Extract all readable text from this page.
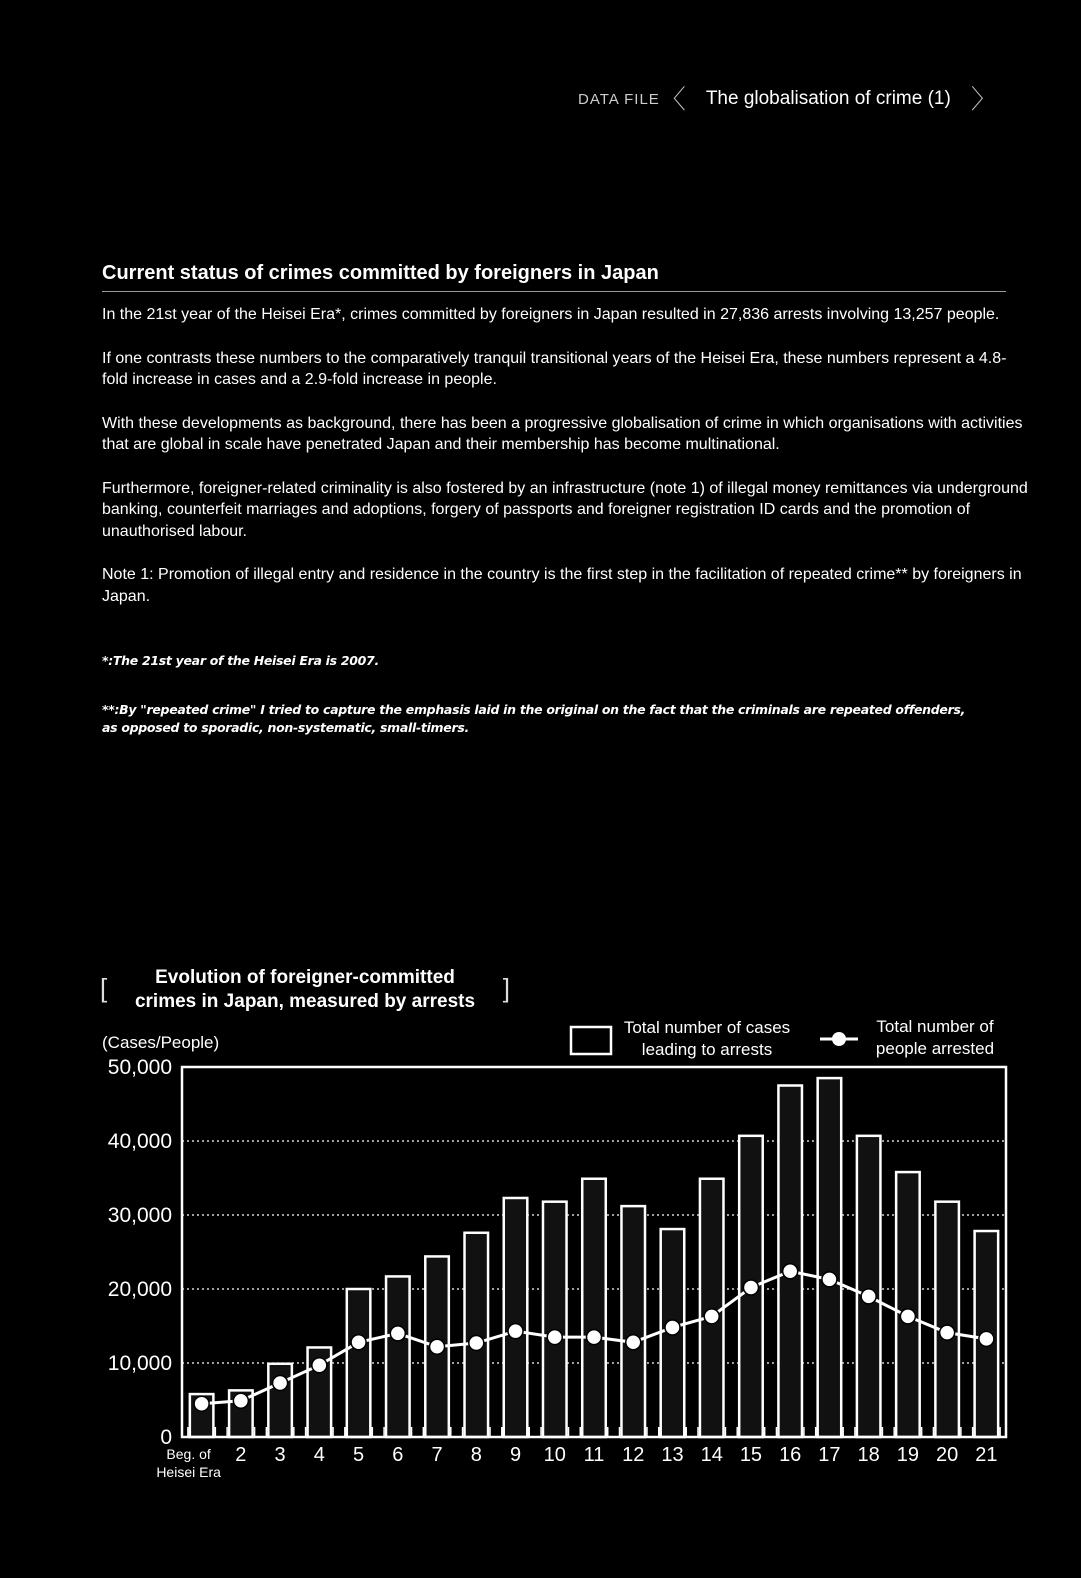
DATA FILE 〈 The globalisation of crime (1) 〉
Current status of crimes committed by foreigners in Japan

In the 21st year of the Heisei Era*, crimes committed by foreigners in Japan resulted in 27,836 arrests involving 13,257 people.

If one contrasts these numbers to the comparatively tranquil transitional years of the Heisei Era, these numbers represent a 4.8-fold increase in cases and a 2.9-fold increase in people.

With these developments as background, there has been a progressive globalisation of crime in which organisations with activities that are global in scale have penetrated Japan and their membership has become multinational.

Furthermore, foreigner-related criminality is also fostered by an infrastructure (note 1) of illegal money remittances via underground banking, counterfeit marriages and adoptions, forgery of passports and foreigner registration ID cards and the promotion of unauthorised labour.

Note 1: Promotion of illegal entry and residence in the country is the first step in the facilitation of repeated crime** by foreigners in Japan.

*:The 21st year of the Heisei Era is 2007.
**:By "repeated crime" I tried to capture the emphasis laid in the original on the fact that the criminals are repeated offenders,
as opposed to sporadic, non-systematic, small-timers.
[	Evolution of foreigner-committed
crimes in Japan, measured by arrests	]
(Cases/People)
0
10,000
20,000
30,000
40,000
50,000
Beg. of
Heisei Era
2 3 4 5 6 7 8 9 10 11 12 13 14 15 16 17 18 19 20 21
Total number of cases
leading to arrests
Total number of
people arrested
